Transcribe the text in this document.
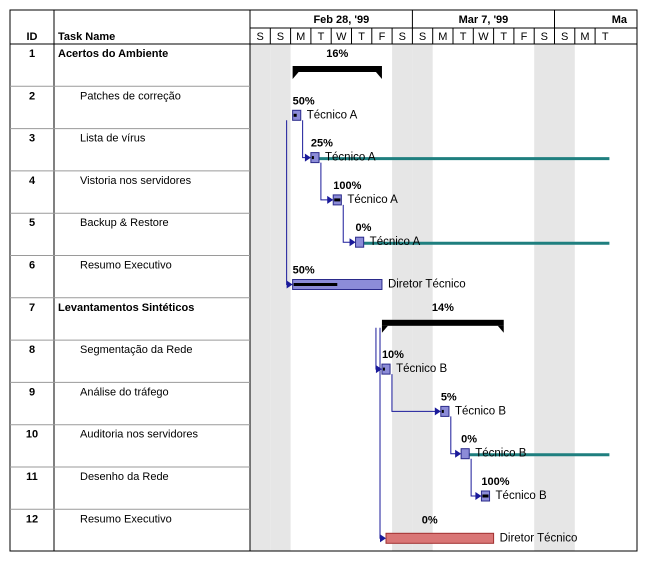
ID Task Name
Feb 28, '99	Mar 7, '99	Ma
S S M T W T F S S M T W T F S S M T
1 Acertos do Ambiente
2	Patches de correção
3	Lista de vírus
4	Vistoria nos servidores
5	Backup & Restore
6	Resumo Executivo
7 Levantamentos Sintéticos
8	Segmentação da Rede
9	Análise do tráfego
10	Auditoria nos servidores
11	Desenho da Rede
12	Resumo Executivo
16%
50%
Técnico A
25%
Técnico A
100%
Técnico A
0%
Técnico A
50%
Diretor Técnico
14%
10%
Técnico B
5%
Técnico B
0%
Técnico B
100%
Técnico B
0%
Diretor Técnico
